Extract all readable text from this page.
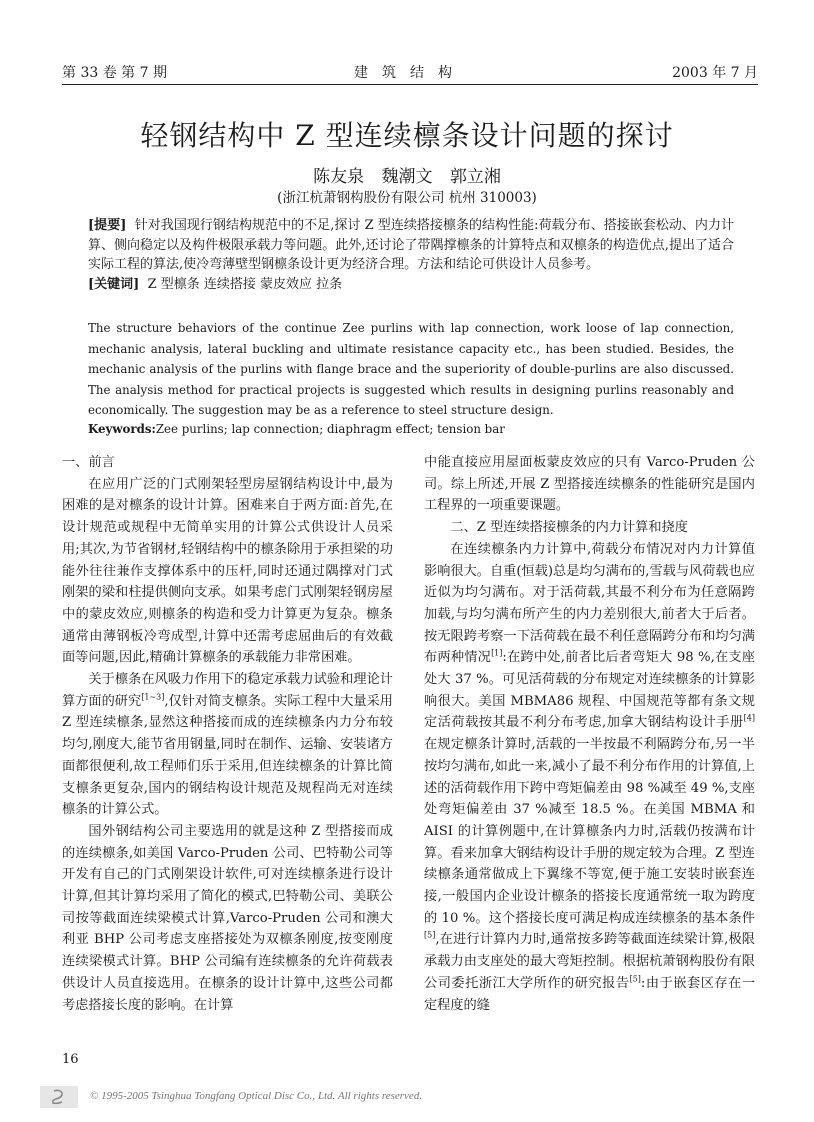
第 33 卷 第 7 期	建筑结构	2003 年 7 月
轻钢结构中 Z 型连续檩条设计问题的探讨
陈友泉 魏潮文 郭立湘
(浙江杭萧钢构股份有限公司 杭州 310003)

[提要] 针对我国现行钢结构规范中的不足,探讨 Z 型连续搭接檩条的结构性能:荷载分布、搭接嵌套松动、内力计算、侧向稳定以及构件极限承载力等问题。此外,还讨论了带隅撑檩条的计算特点和双檩条的构造优点,提出了适合实际工程的算法,使冷弯薄壁型钢檩条设计更为经济合理。方法和结论可供设计人员参考。

[关键词] Z 型檩条 连续搭接 蒙皮效应 拉条

The structure behaviors of the continue Zee purlins with lap connection, work loose of lap connection, mechanic analysis, lateral buckling and ultimate resistance capacity etc., has been studied. Besides, the mechanic analysis of the purlins with flange brace and the superiority of double-purlins are also discussed. The analysis method for practical projects is suggested which results in designing purlins reasonably and economically. The suggestion may be as a reference to steel structure design.

Keywords:Zee purlins; lap connection; diaphragm effect; tension bar
一、前言

在应用广泛的门式刚架轻型房屋钢结构设计中,最为困难的是对檩条的设计计算。困难来自于两方面:首先,在设计规范或规程中无简单实用的计算公式供设计人员采用;其次,为节省钢材,轻钢结构中的檩条除用于承担梁的功能外往往兼作支撑体系中的压杆,同时还通过隅撑对门式刚架的梁和柱提供侧向支承。如果考虑门式刚架轻钢房屋中的蒙皮效应,则檩条的构造和受力计算更为复杂。檩条通常由薄钢板冷弯成型,计算中还需考虑屈曲后的有效截面等问题,因此,精确计算檩条的承载能力非常困难。

关于檩条在风吸力作用下的稳定承载力试验和理论计算方面的研究[1~3],仅针对简支檩条。实际工程中大量采用 Z 型连续檩条,显然这种搭接而成的连续檩条内力分布较均匀,刚度大,能节省用钢量,同时在制作、运输、安装诸方面都很便利,故工程师们乐于采用,但连续檩条的计算比简支檩条更复杂,国内的钢结构设计规范及规程尚无对连续檩条的计算公式。

国外钢结构公司主要选用的就是这种 Z 型搭接而成的连续檩条,如美国 Varco-Pruden 公司、巴特勒公司等开发有自己的门式刚架设计软件,可对连续檩条进行设计计算,但其计算均采用了简化的模式,巴特勒公司、美联公司按等截面连续梁模式计算,Varco-Pruden 公司和澳大利亚 BHP 公司考虑支座搭接处为双檩条刚度,按变刚度连续梁模式计算。BHP 公司编有连续檩条的允许荷载表供设计人员直接选用。在檩条的设计计算中,这些公司都考虑搭接长度的影响。在计算

中能直接应用屋面板蒙皮效应的只有 Varco-Pruden 公司。综上所述,开展 Z 型搭接连续檩条的性能研究是国内工程界的一项重要课题。

二、Z 型连续搭接檩条的内力计算和挠度

在连续檩条内力计算中,荷载分布情况对内力计算值影响很大。自重(恒载)总是均匀满布的,雪载与风荷载也应近似为均匀满布。对于活荷载,其最不利分布为任意隔跨加载,与均匀满布所产生的内力差别很大,前者大于后者。按无限跨考察一下活荷载在最不利任意隔跨分布和均匀满布两种情况[1]:在跨中处,前者比后者弯矩大 98 %,在支座处大 37 %。可见活荷载的分布规定对连续檩条的计算影响很大。美国 MBMA86 规程、中国规范等都有条文规定活荷载按其最不利分布考虑,加拿大钢结构设计手册[4]在规定檩条计算时,活载的一半按最不利隔跨分布,另一半按均匀满布,如此一来,减小了最不利分布作用的计算值,上述的活荷载作用下跨中弯矩偏差由 98 %减至 49 %,支座处弯矩偏差由 37 %减至 18.5 %。在美国 MBMA 和 AISI 的计算例题中,在计算檩条内力时,活载仍按满布计算。看来加拿大钢结构设计手册的规定较为合理。Z 型连续檩条通常做成上下翼缘不等宽,便于施工安装时嵌套连接,一般国内企业设计檩条的搭接长度通常统一取为跨度的 10 %。这个搭接长度可满足构成连续檩条的基本条件[5],在进行计算内力时,通常按多跨等截面连续梁计算,极限承载力由支座处的最大弯矩控制。根据杭萧钢构股份有限公司委托浙江大学所作的研究报告[5]:由于嵌套区存在一定程度的缝

16
© 1995-2005 Tsinghua Tongfang Optical Disc Co., Ltd. All rights reserved.
